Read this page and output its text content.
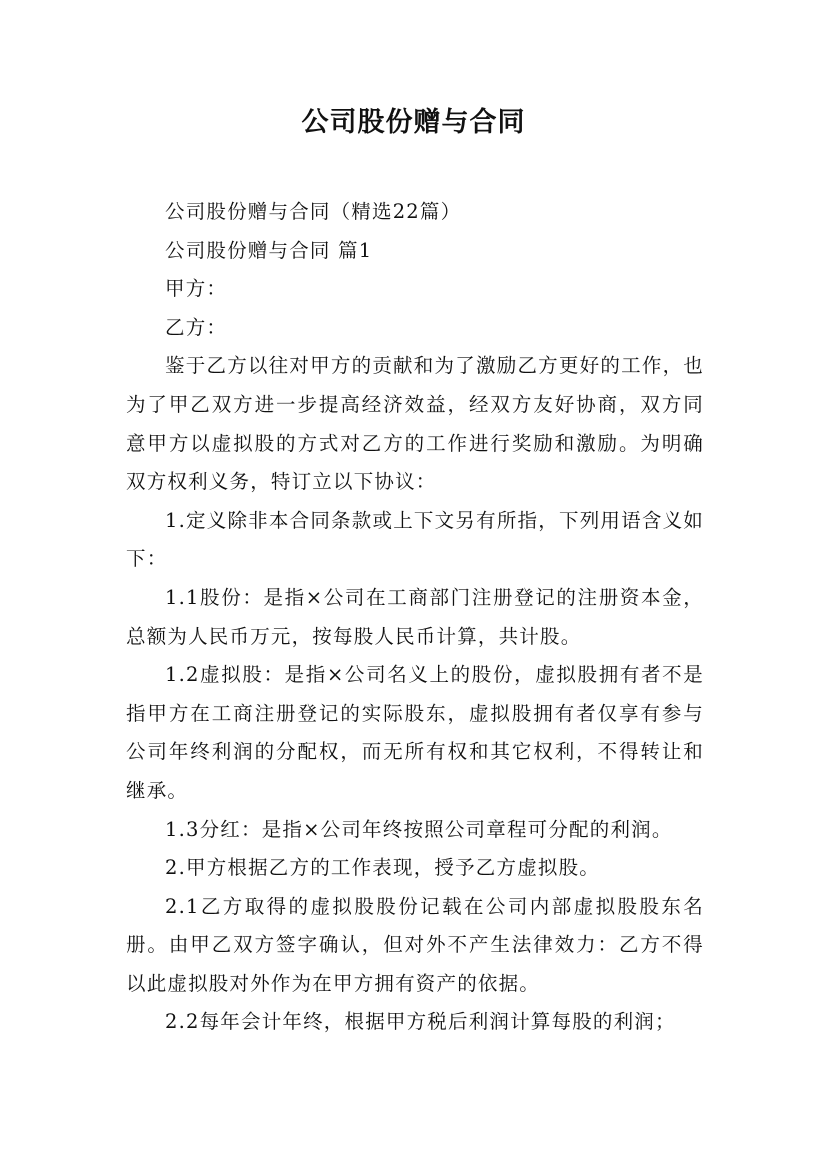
公司股份赠与合同

公司股份赠与合同（精选22篇）

公司股份赠与合同 篇1

甲方：

乙方：

鉴于乙方以往对甲方的贡献和为了激励乙方更好的工作，也为了甲乙双方进一步提高经济效益，经双方友好协商，双方同意甲方以虚拟股的方式对乙方的工作进行奖励和激励。为明确双方权利义务，特订立以下协议：

1.定义除非本合同条款或上下文另有所指，下列用语含义如下：

1.1股份：是指×公司在工商部门注册登记的注册资本金，总额为人民币万元，按每股人民币计算，共计股。

1.2虚拟股：是指×公司名义上的股份，虚拟股拥有者不是指甲方在工商注册登记的实际股东，虚拟股拥有者仅享有参与公司年终利润的分配权，而无所有权和其它权利，不得转让和继承。

1.3分红：是指×公司年终按照公司章程可分配的利润。

2.甲方根据乙方的工作表现，授予乙方虚拟股。

2.1乙方取得的虚拟股股份记载在公司内部虚拟股股东名册。由甲乙双方签字确认，但对外不产生法律效力：乙方不得以此虚拟股对外作为在甲方拥有资产的依据。

2.2每年会计年终，根据甲方税后利润计算每股的利润；
